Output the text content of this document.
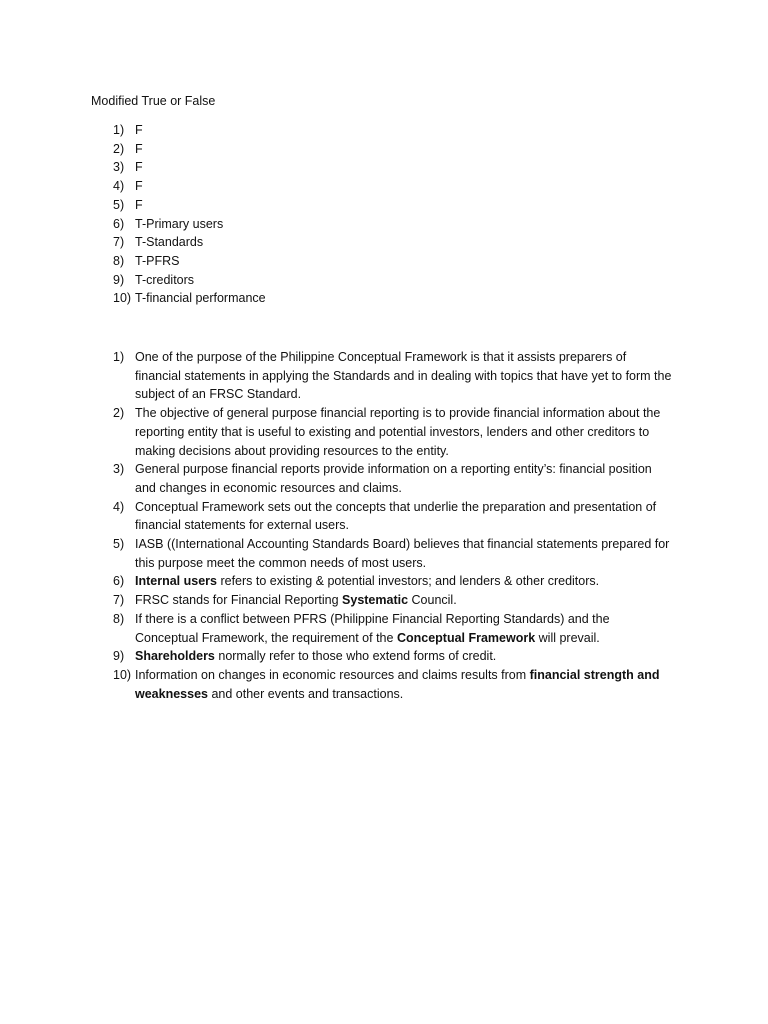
Modified True or False
1) F
2) F
3) F
4) F
5) F
6) T-Primary users
7) T-Standards
8) T-PFRS
9) T-creditors
10) T-financial performance
1) One of the purpose of the Philippine Conceptual Framework is that it assists preparers of financial statements in applying the Standards and in dealing with topics that have yet to form the subject of an FRSC Standard.
2) The objective of general purpose financial reporting is to provide financial information about the reporting entity that is useful to existing and potential investors, lenders and other creditors to making decisions about providing resources to the entity.
3) General purpose financial reports provide information on a reporting entity’s: financial position and changes in economic resources and claims.
4) Conceptual Framework sets out the concepts that underlie the preparation and presentation of financial statements for external users.
5) IASB ((International Accounting Standards Board) believes that financial statements prepared for this purpose meet the common needs of most users.
6) Internal users refers to existing & potential investors; and lenders & other creditors.
7) FRSC stands for Financial Reporting Systematic Council.
8) If there is a conflict between PFRS (Philippine Financial Reporting Standards) and the Conceptual Framework, the requirement of the Conceptual Framework will prevail.
9) Shareholders normally refer to those who extend forms of credit.
10) Information on changes in economic resources and claims results from financial strength and weaknesses and other events and transactions.
